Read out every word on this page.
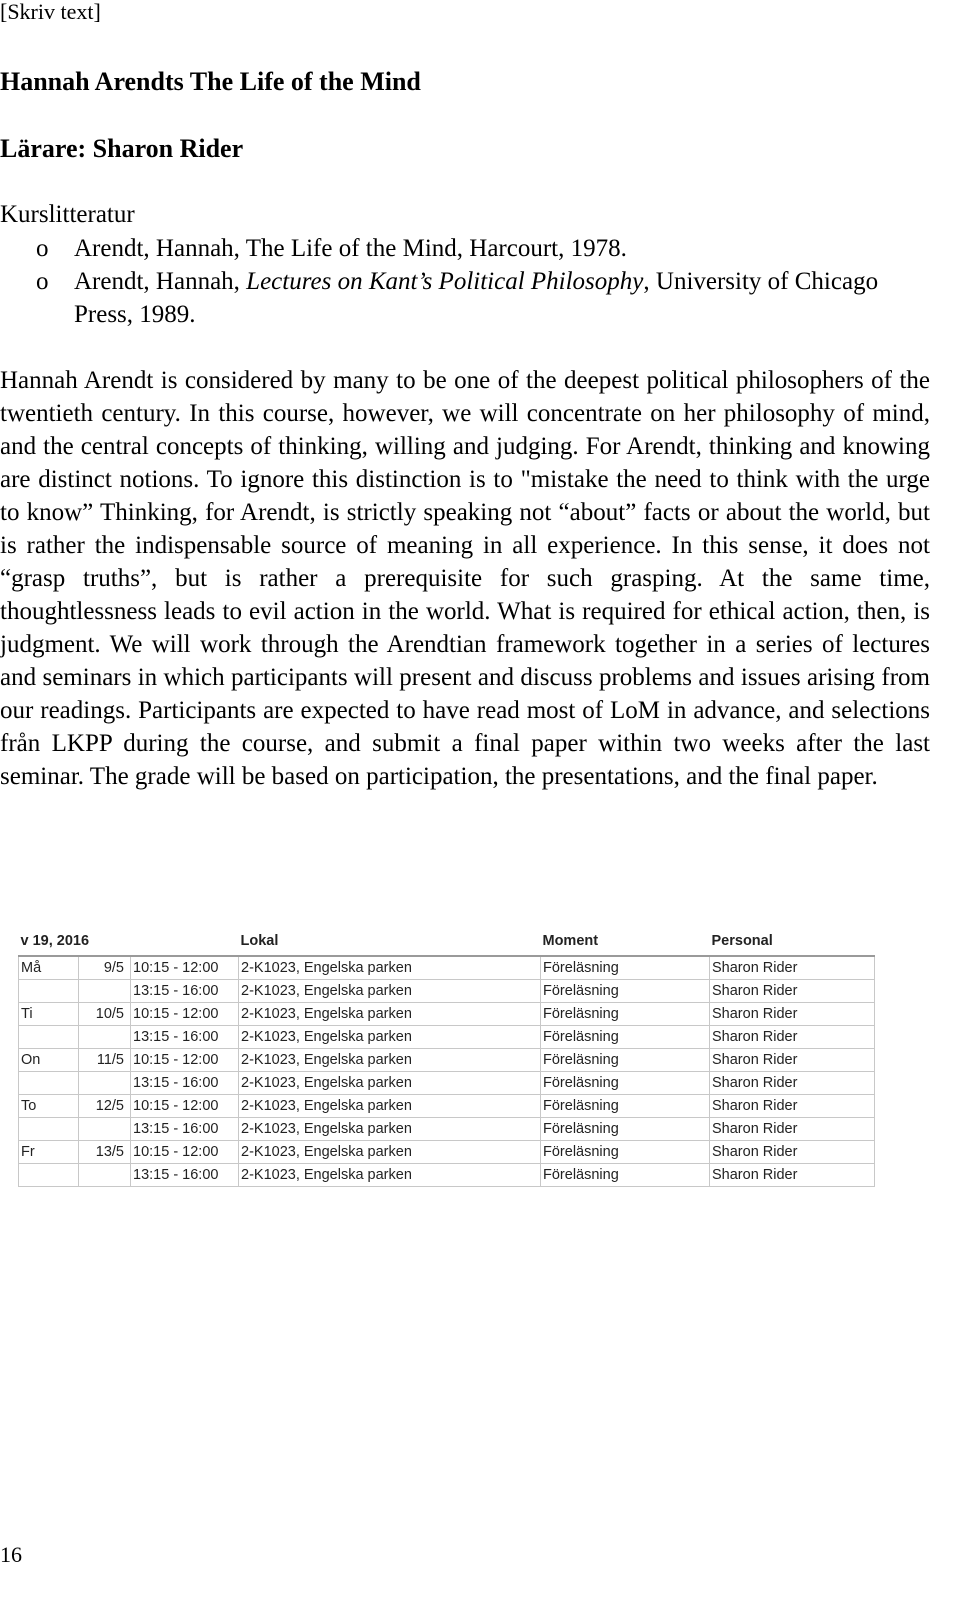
[Skriv text]
Hannah Arendts The Life of the Mind
Lärare: Sharon Rider
Kurslitteratur
o Arendt, Hannah, The Life of the Mind, Harcourt, 1978.
o Arendt, Hannah, Lectures on Kant’s Political Philosophy, University of Chicago Press, 1989.

Hannah Arendt is considered by many to be one of the deepest political philosophers of the twentieth century. In this course, however, we will concentrate on her philosophy of mind, and the central concepts of thinking, willing and judging. For Arendt, thinking and knowing are distinct notions. To ignore this distinction is to "mistake the need to think with the urge to know” Thinking, for Arendt, is strictly speaking not “about” facts or about the world, but is rather the indispensable source of meaning in all experience. In this sense, it does not “grasp truths”, but is rather a prerequisite for such grasping. At the same time, thoughtlessness leads to evil action in the world. What is required for ethical action, then, is judgment. We will work through the Arendtian framework together in a series of lectures and seminars in which participants will present and discuss problems and issues arising from our readings. Participants are expected to have read most of LoM in advance, and selections från LKPP during the course, and submit a final paper within two weeks after the last seminar. The grade will be based on participation, the presentations, and the final paper.

v 19, 2016			Lokal	Moment	Personal
Må	9/5	10:15 - 12:00	2-K1023, Engelska parken	Föreläsning	Sharon Rider
		13:15 - 16:00	2-K1023, Engelska parken	Föreläsning	Sharon Rider
Ti	10/5	10:15 - 12:00	2-K1023, Engelska parken	Föreläsning	Sharon Rider
		13:15 - 16:00	2-K1023, Engelska parken	Föreläsning	Sharon Rider
On	11/5	10:15 - 12:00	2-K1023, Engelska parken	Föreläsning	Sharon Rider
		13:15 - 16:00	2-K1023, Engelska parken	Föreläsning	Sharon Rider
To	12/5	10:15 - 12:00	2-K1023, Engelska parken	Föreläsning	Sharon Rider
		13:15 - 16:00	2-K1023, Engelska parken	Föreläsning	Sharon Rider
Fr	13/5	10:15 - 12:00	2-K1023, Engelska parken	Föreläsning	Sharon Rider
		13:15 - 16:00	2-K1023, Engelska parken	Föreläsning	Sharon Rider
16
